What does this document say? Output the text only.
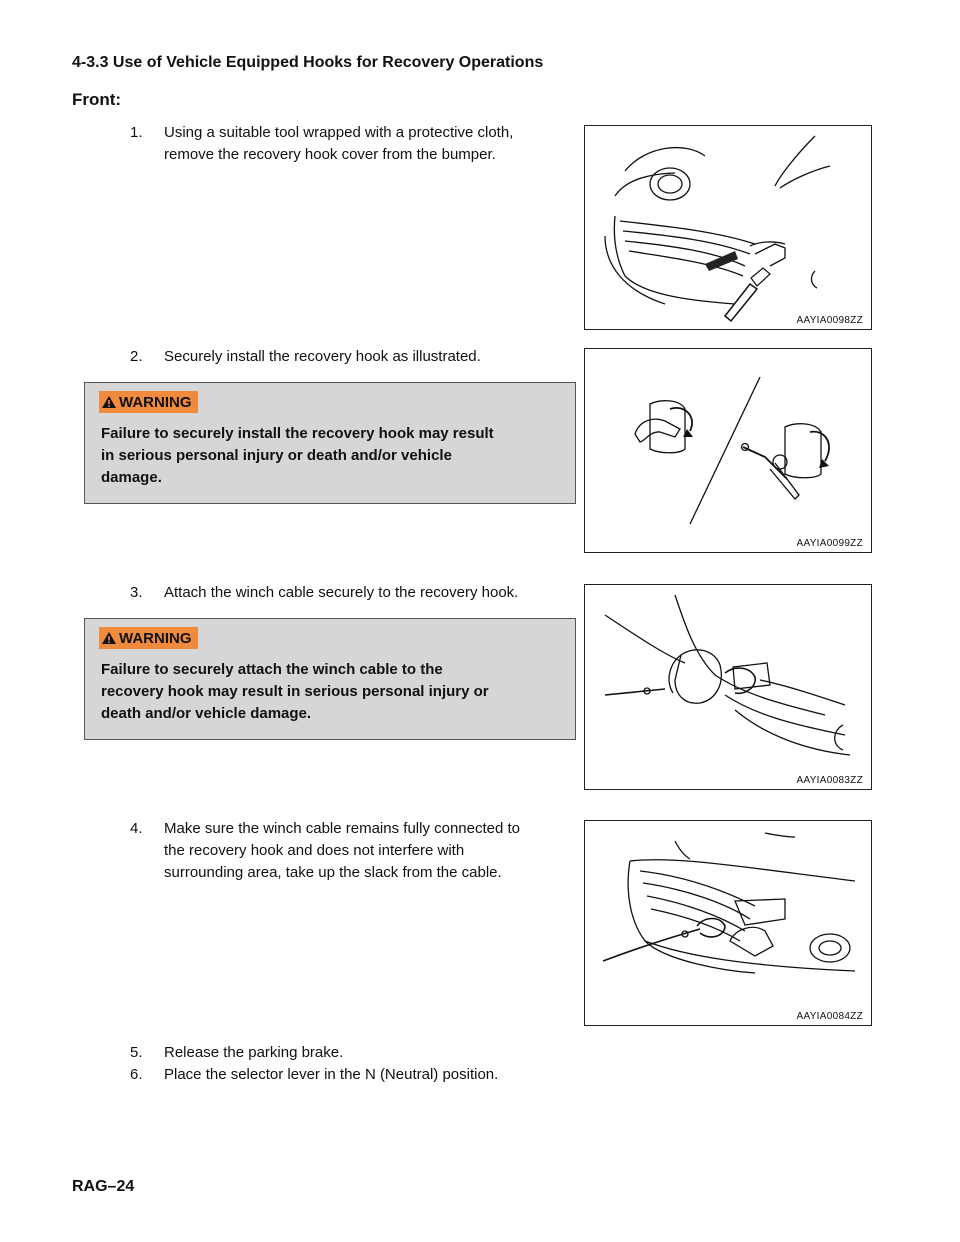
4-3.3 Use of Vehicle Equipped Hooks for Recovery Operations
Front:
1.	Using a suitable tool wrapped with a protective cloth,
remove the recovery hook cover from the bumper.
AAYIA0098ZZ
2.	Securely install the recovery hook as illustrated.
WARNING
Failure to securely install the recovery hook may result
in serious personal injury or death and/or vehicle
damage.
AAYIA0099ZZ
3.	Attach the winch cable securely to the recovery hook.
WARNING
Failure to securely attach the winch cable to the
recovery hook may result in serious personal injury or
death and/or vehicle damage.
AAYIA0083ZZ
4.	Make sure the winch cable remains fully connected to
the recovery hook and does not interfere with
surrounding area, take up the slack from the cable.
AAYIA0084ZZ
5.	Release the parking brake.
6.	Place the selector lever in the N (Neutral) position.
RAG–24
